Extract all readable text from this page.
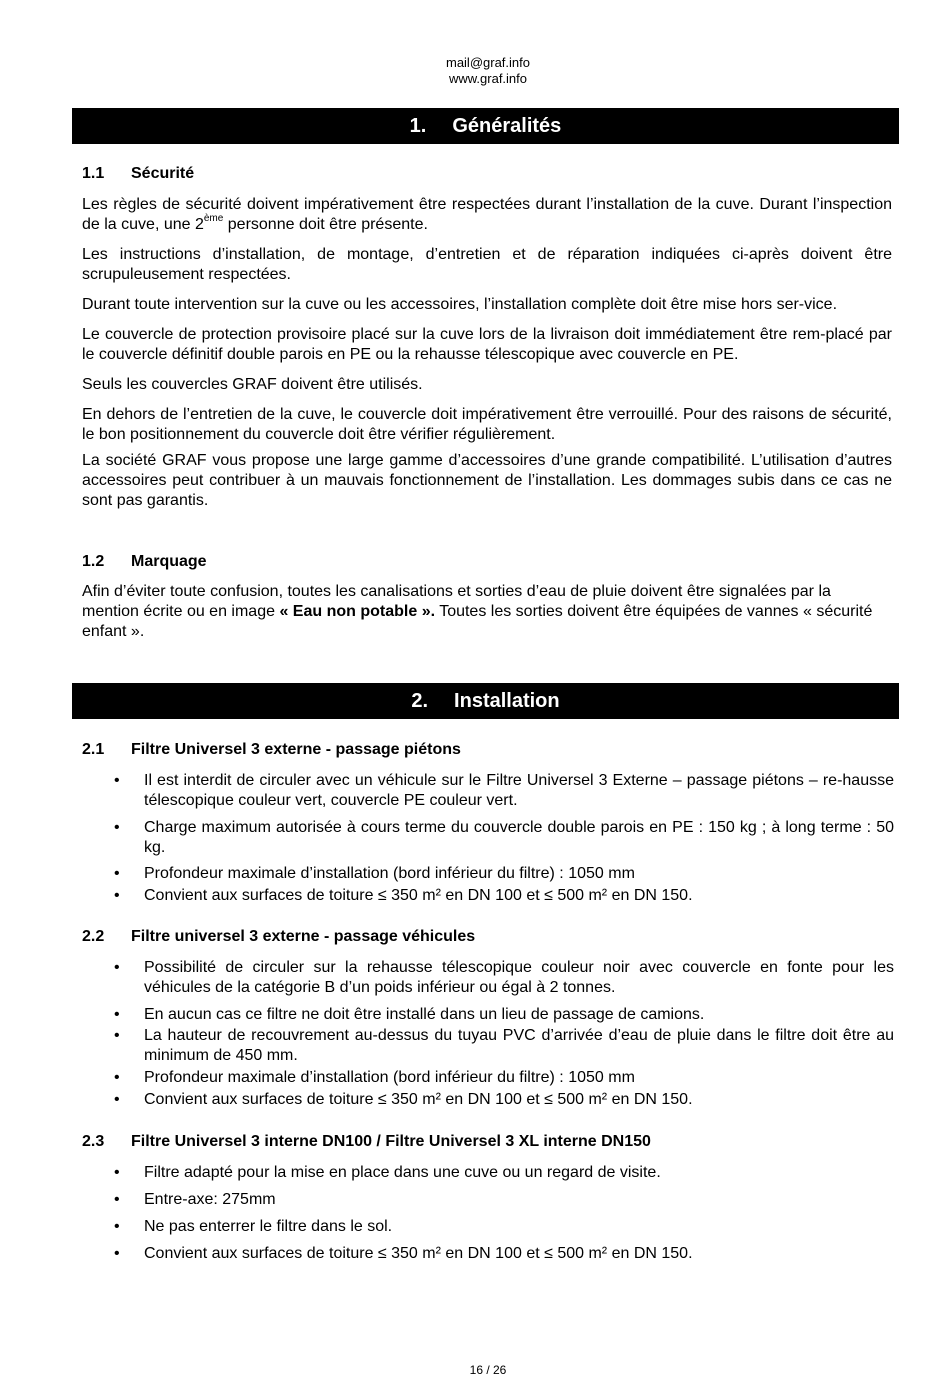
mail@graf.info
www.graf.info
1. Généralités
1.1 Sécurité

Les règles de sécurité doivent impérativement être respectées durant l’installation de la cuve. Durant l’inspection de la cuve, une 2ème personne doit être présente.

Les instructions d’installation, de montage, d’entretien et de réparation indiquées ci-après doivent être scrupuleusement respectées.

Durant toute intervention sur la cuve ou les accessoires, l’installation complète doit être mise hors ser-vice.

Le couvercle de protection provisoire placé sur la cuve lors de la livraison doit immédiatement être rem-placé par le couvercle définitif double parois en PE ou la rehausse télescopique avec couvercle en PE.

Seuls les couvercles GRAF doivent être utilisés.

En dehors de l’entretien de la cuve, le couvercle doit impérativement être verrouillé. Pour des raisons de sécurité, le bon positionnement du couvercle doit être vérifier régulièrement.

La société GRAF vous propose une large gamme d’accessoires d’une grande compatibilité. L’utilisation d’autres accessoires peut contribuer à un mauvais fonctionnement de l’installation. Les dommages subis dans ce cas ne sont pas garantis.

1.2 Marquage

Afin d’éviter toute confusion, toutes les canalisations et sorties d’eau de pluie doivent être signalées par la mention écrite ou en image « Eau non potable ». Toutes les sorties doivent être équipées de vannes « sécurité enfant ».

2. Installation
2.1 Filtre Universel 3 externe - passage piétons
• Il est interdit de circuler avec un véhicule sur le Filtre Universel 3 Externe – passage piétons – re-hausse télescopique couleur vert, couvercle PE couleur vert.
• Charge maximum autorisée à cours terme du couvercle double parois en PE : 150 kg ; à long terme : 50 kg.
• Profondeur maximale d’installation (bord inférieur du filtre) : 1050 mm
• Convient aux surfaces de toiture ≤ 350 m² en DN 100 et ≤ 500 m² en DN 150.
2.2 Filtre universel 3 externe - passage véhicules
• Possibilité de circuler sur la rehausse télescopique couleur noir avec couvercle en fonte pour les véhicules de la catégorie B d’un poids inférieur ou égal à 2 tonnes.
• En aucun cas ce filtre ne doit être installé dans un lieu de passage de camions.
• La hauteur de recouvrement au-dessus du tuyau PVC d’arrivée d’eau de pluie dans le filtre doit être au minimum de 450 mm.
• Profondeur maximale d’installation (bord inférieur du filtre) : 1050 mm
• Convient aux surfaces de toiture ≤ 350 m² en DN 100 et ≤ 500 m² en DN 150.
2.3 Filtre Universel 3 interne DN100 / Filtre Universel 3 XL interne DN150
• Filtre adapté pour la mise en place dans une cuve ou un regard de visite.
• Entre-axe: 275mm
• Ne pas enterrer le filtre dans le sol.
• Convient aux surfaces de toiture ≤ 350 m² en DN 100 et ≤ 500 m² en DN 150.
16 / 26
